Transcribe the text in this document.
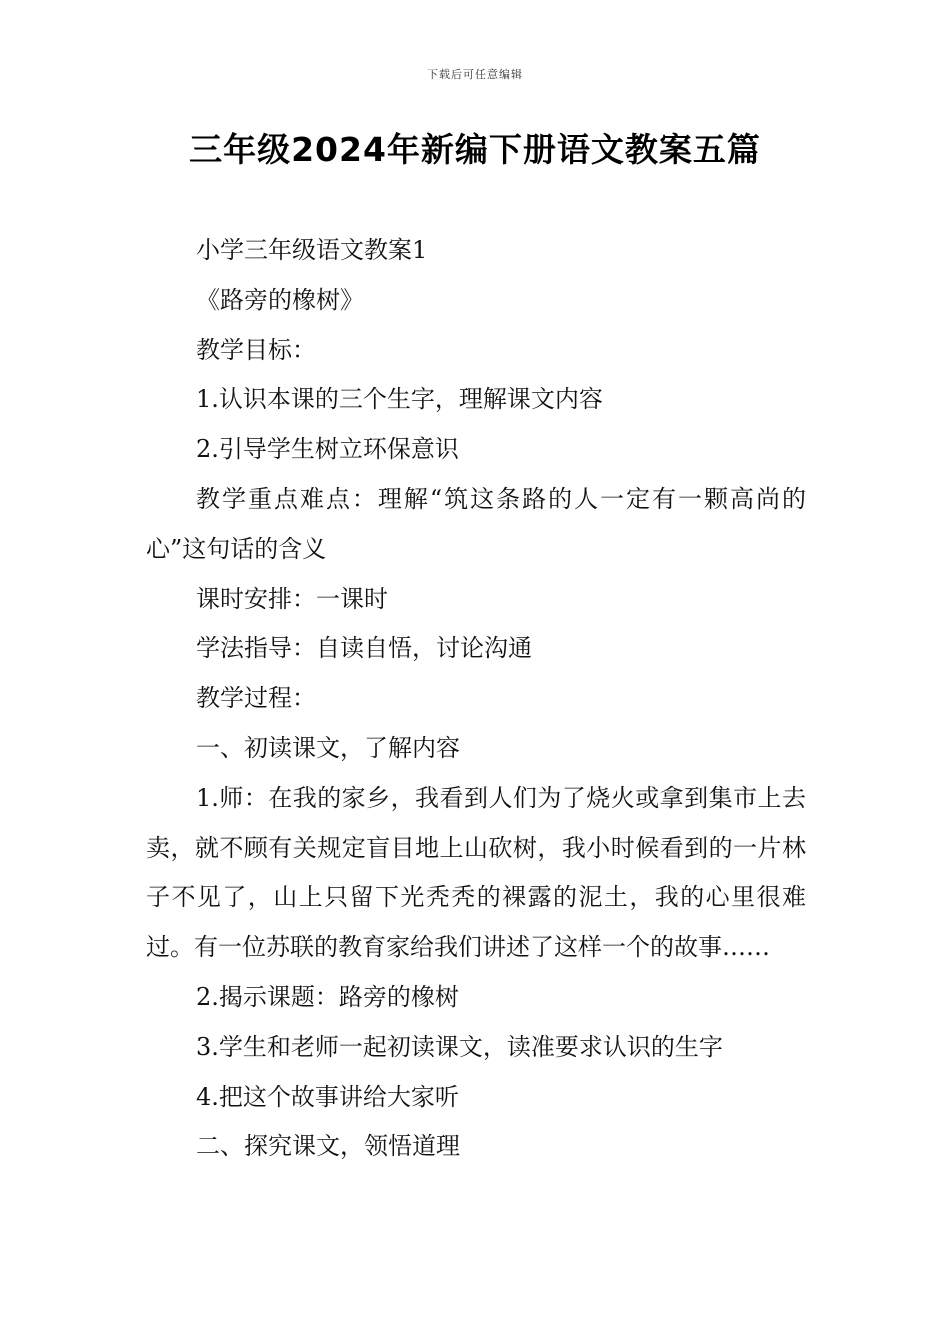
下载后可任意编辑
三年级2024年新编下册语文教案五篇

小学三年级语文教案1

《路旁的橡树》

教学目标：

1.认识本课的三个生字，理解课文内容

2.引导学生树立环保意识

教学重点难点：理解“筑这条路的人一定有一颗高尚的心”这句话的含义

课时安排：一课时

学法指导：自读自悟，讨论沟通

教学过程：

一、初读课文，了解内容

1.师：在我的家乡，我看到人们为了烧火或拿到集市上去卖，就不顾有关规定盲目地上山砍树，我小时候看到的一片林子不见了，山上只留下光秃秃的裸露的泥土，我的心里很难过。有一位苏联的教育家给我们讲述了这样一个的故事……

2.揭示课题：路旁的橡树

3.学生和老师一起初读课文，读准要求认识的生字

4.把这个故事讲给大家听

二、探究课文，领悟道理
